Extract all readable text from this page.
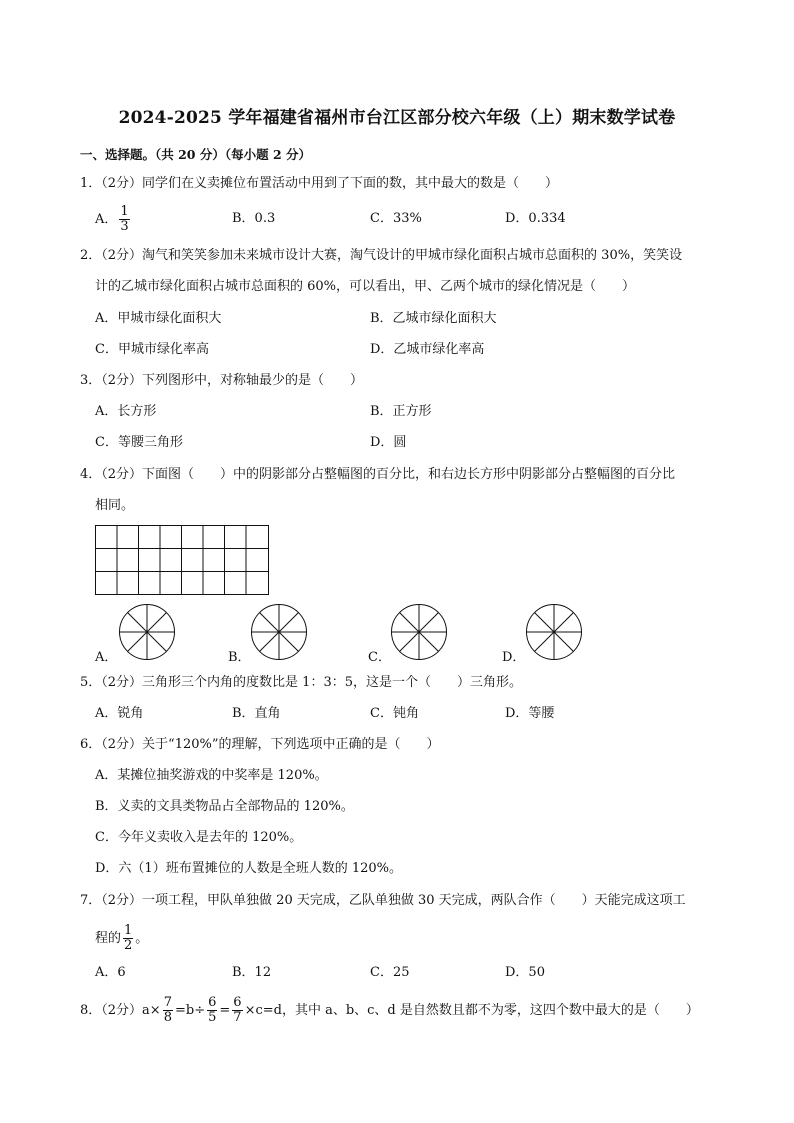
2024-2025 学年福建省福州市台江区部分校六年级（上）期末数学试卷
一、选择题。（共 20 分）（每小题 2 分）
1．（2分）同学们在义卖摊位布置活动中用到了下面的数，其中最大的数是（　　）
A． $\frac{1}{3}$	B．0.3	C．33%	D．0.334
2．（2分）淘气和笑笑参加未来城市设计大赛，淘气设计的甲城市绿化面积占城市总面积的 30%，笑笑设
计的乙城市绿化面积占城市总面积的 60%，可以看出，甲、乙两个城市的绿化情况是（　　）
A．甲城市绿化面积大	B．乙城市绿化面积大
C．甲城市绿化率高	D．乙城市绿化率高
3．（2分）下列图形中，对称轴最少的是（　　）
A．长方形	B．正方形
C．等腰三角形	D．圆
4．（2分）下面图（　　）中的阴影部分占整幅图的百分比，和右边长方形中阴影部分占整幅图的百分比
相同。
A．	B．	C．	D．
5．（2分）三角形三个内角的度数比是 1：3：5，这是一个（　　）三角形。
A．锐角	B．直角	C．钝角	D．等腰
6．（2分）关于“120%”的理解，下列选项中正确的是（　　）
A．某摊位抽奖游戏的中奖率是 120%。
B．义卖的文具类物品占全部物品的 120%。
C．今年义卖收入是去年的 120%。
D．六（1）班布置摊位的人数是全班人数的 120%。
7．（2分）一项工程，甲队单独做 20 天完成，乙队单独做 30 天完成，两队合作（　　）天能完成这项工
程的 $\frac{1}{2}$ 。
A．6	B．12	C．25	D．50
8．（2分）$a\times \frac{7}{8} =b\div \frac{6}{5} = \frac{6}{7} \times c=d$，其中 a、b、c、d 是自然数且都不为零，这四个数中最大的是（　　）
